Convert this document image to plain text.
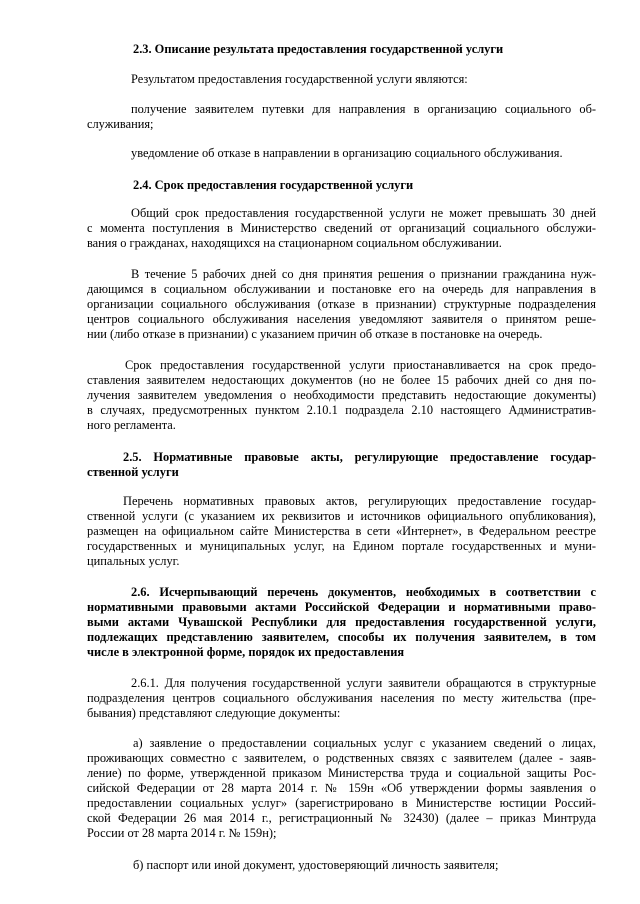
2.3. Описание результата предоставления государственной услуги
Результатом предоставления государственной услуги являются:
получение заявителем путевки для направления в организацию социального об-
служивания;
уведомление об отказе в направлении в организацию социального обслуживания.
2.4. Срок предоставления государственной услуги
Общий срок предоставления государственной услуги не может превышать 30 дней
с момента поступления в Министерство сведений от организаций социального обслужи-
вания о гражданах, находящихся на стационарном социальном обслуживании.
В течение 5 рабочих дней со дня принятия решения о признании гражданина нуж-
дающимся в социальном обслуживании и постановке его на очередь для направления в
организации социального обслуживания (отказе в признании) структурные подразделения
центров социального обслуживания населения уведомляют заявителя о принятом реше-
нии (либо отказе в признании) с указанием причин об отказе в постановке на очередь.
Срок предоставления государственной услуги приостанавливается на срок предо-
ставления заявителем недостающих документов (но не более 15 рабочих дней со дня по-
лучения заявителем уведомления о необходимости представить недостающие документы)
в случаях, предусмотренных пунктом 2.10.1 подраздела 2.10 настоящего Административ-
ного регламента.
2.5. Нормативные правовые акты, регулирующие предоставление государ-
ственной услуги
Перечень нормативных правовых актов, регулирующих предоставление государ-
ственной услуги (с указанием их реквизитов и источников официального опубликования),
размещен на официальном сайте Министерства в сети «Интернет», в Федеральном реестре
государственных и муниципальных услуг, на Едином портале государственных и муни-
ципальных услуг.
2.6. Исчерпывающий перечень документов, необходимых в соответствии с
нормативными правовыми актами Российской Федерации и нормативными право-
выми актами Чувашской Республики для предоставления государственной услуги,
подлежащих представлению заявителем, способы их получения заявителем, в том
числе в электронной форме, порядок их предоставления
2.6.1. Для получения государственной услуги заявители обращаются в структурные
подразделения центров социального обслуживания населения по месту жительства (пре-
бывания) представляют следующие документы:
а) заявление о предоставлении социальных услуг с указанием сведений о лицах,
проживающих совместно с заявителем, о родственных связях с заявителем (далее - заяв-
ление) по форме, утвержденной приказом Министерства труда и социальной защиты Рос-
сийской Федерации от 28 марта 2014 г. № 159н «Об утверждении формы заявления о
предоставлении социальных услуг» (зарегистрировано в Министерстве юстиции Россий-
ской Федерации 26 мая 2014 г., регистрационный № 32430) (далее – приказ Минтруда
России от 28 марта 2014 г. № 159н);
б) паспорт или иной документ, удостоверяющий личность заявителя;
